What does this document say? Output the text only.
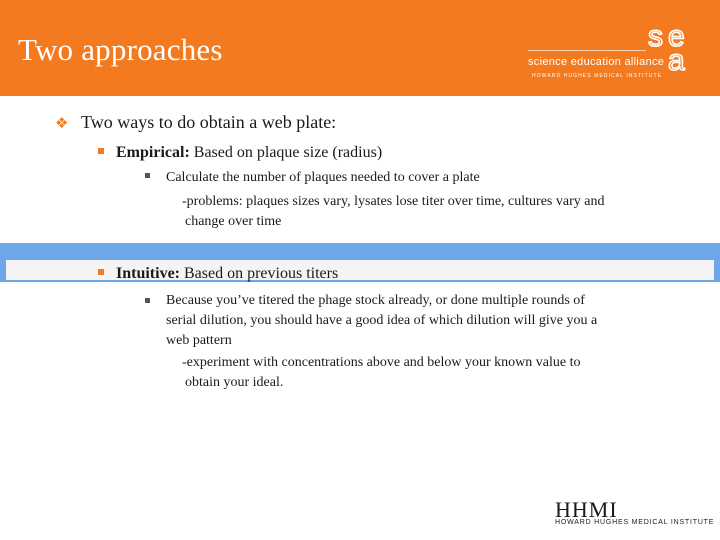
Two approaches	science education alliance
HOWARD HUGHES MEDICAL INSTITUTE
s e
a
❖ Two ways to do obtain a web plate:
Empirical: Based on plaque size (radius)
Calculate the number of plaques needed to cover a plate
-problems: plaques sizes vary, lysates lose titer over time, cultures vary and
change over time
Intuitive: Based on previous titers
Because you’ve titered the phage stock already, or done multiple rounds of
serial dilution, you should have a good idea of which dilution will give you a
web pattern
-experiment with concentrations above and below your known value to
obtain your ideal.
HHMI
HOWARD HUGHES MEDICAL INSTITUTE
